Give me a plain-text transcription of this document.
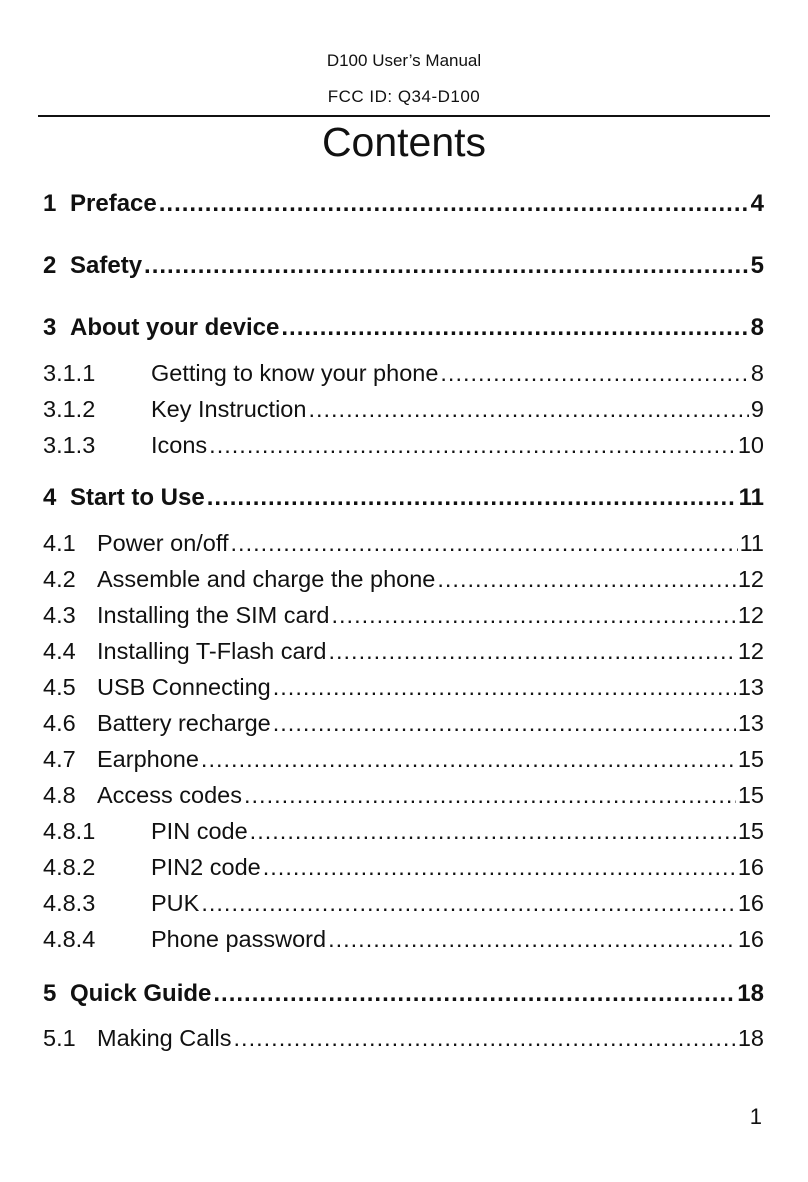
D100 User’s Manual
FCC ID: Q34-D100
Contents
1 Preface .....	4
2 Safety .....	5
3 About your device .....	8
3.1.1	Getting to know your phone .....	8
3.1.2	Key Instruction .....	9
3.1.3	Icons .....	10
4 Start to Use .....	11
4.1 Power on/off .....	11
4.2 Assemble and charge the phone .....	12
4.3 Installing the SIM card .....	12
4.4 Installing T-Flash card .....	12
4.5 USB Connecting .....	13
4.6 Battery recharge .....	13
4.7 Earphone .....	15
4.8 Access codes .....	15
4.8.1	PIN code .....	15
4.8.2	PIN2 code .....	16
4.8.3	PUK .....	16
4.8.4	Phone password .....	16
5 Quick Guide .....	18
5.1 Making Calls .....	18
1
